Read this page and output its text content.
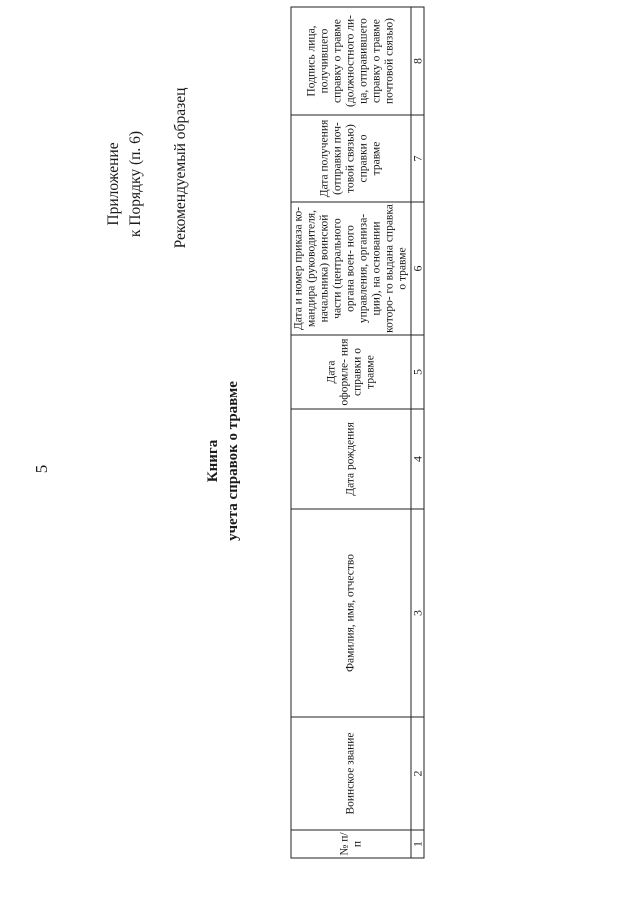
5
Приложение к Порядку (п. 6) Рекомендуемый образец
Книга учета справок о травме
№ п/п	Воинское звание	Фамилия, имя, отчество	Дата рождения	Дата оформле- ния справки о травме	Дата и номер приказа ко- мандира (руководителя, начальника) воинской части (центрального органа воен- ного управления, организа- ции), на основании которо- го выдана справка о травме	Дата получения (отправки поч- товой связью) справки о травме	Подпись лица, получившего справку о травме (должностного ли- ца, отправившего справку о травме почтовой связью)
1	2	3	4	5	6	7	8
